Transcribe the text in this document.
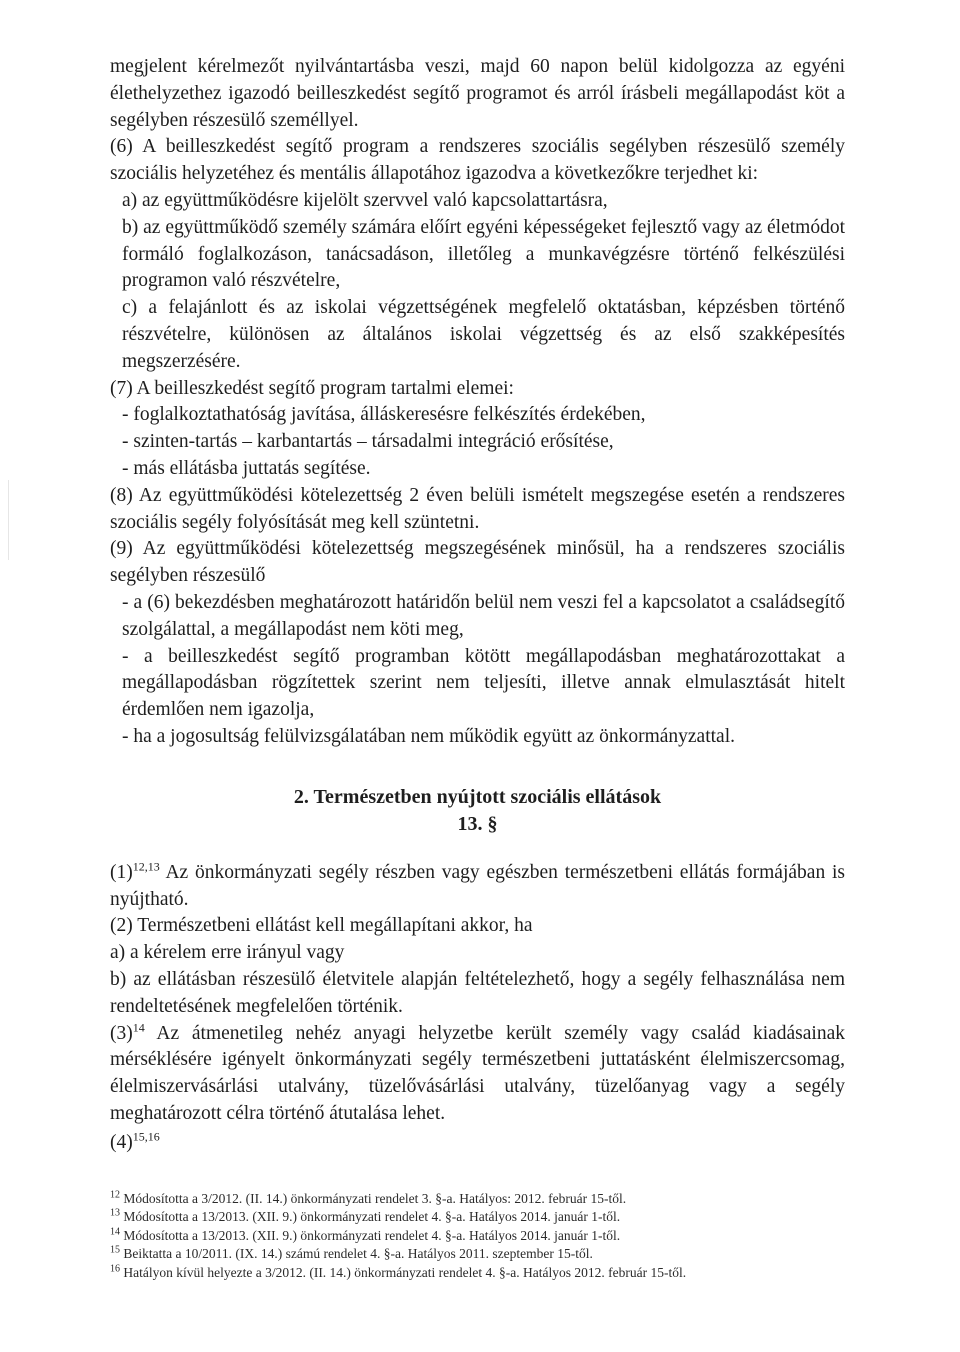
megjelent kérelmezőt nyilvántartásba veszi, majd 60 napon belül kidolgozza az egyéni élethelyzethez igazodó beilleszkedést segítő programot és arról írásbeli megállapodást köt a segélyben részesülő személlyel.

(6) A beilleszkedést segítő program a rendszeres szociális segélyben részesülő személy szociális helyzetéhez és mentális állapotához igazodva a következőkre terjedhet ki:

a) az együttműködésre kijelölt szervvel való kapcsolattartásra,

b) az együttműködő személy számára előírt egyéni képességeket fejlesztő vagy az életmódot formáló foglalkozáson, tanácsadáson, illetőleg a munkavégzésre történő felkészülési programon való részvételre,

c) a felajánlott és az iskolai végzettségének megfelelő oktatásban, képzésben történő részvételre, különösen az általános iskolai végzettség és az első szakképesítés megszerzésére.

(7) A beilleszkedést segítő program tartalmi elemei:

- foglalkoztathatóság javítása, álláskeresésre felkészítés érdekében,

- szinten-tartás – karbantartás – társadalmi integráció erősítése,

- más ellátásba juttatás segítése.

(8) Az együttműködési kötelezettség 2 éven belüli ismételt megszegése esetén a rendszeres szociális segély folyósítását meg kell szüntetni.

(9) Az együttműködési kötelezettség megszegésének minősül, ha a rendszeres szociális segélyben részesülő

- a (6) bekezdésben meghatározott határidőn belül nem veszi fel a kapcsolatot a családsegítő szolgálattal, a megállapodást nem köti meg,

- a beilleszkedést segítő programban kötött megállapodásban meghatározottakat a megállapodásban rögzítettek szerint nem teljesíti, illetve annak elmulasztását hitelt érdemlően nem igazolja,

- ha a jogosultság felülvizsgálatában nem működik együtt az önkormányzattal.

2. Természetben nyújtott szociális ellátások

13. §

$(1)^{12,13}$ Az önkormányzati segély részben vagy egészben természetbeni ellátás formájában is nyújtható.

(2) Természetbeni ellátást kell megállapítani akkor, ha

a) a kérelem erre irányul vagy

b) az ellátásban részesülő életvitele alapján feltételezhető, hogy a segély felhasználása nem rendeltetésének megfelelően történik.

$(3)^{14}$ Az átmenetileg nehéz anyagi helyzetbe került személy vagy család kiadásainak mérséklésére igényelt önkormányzati segély természetbeni juttatásként élelmiszercsomag, élelmiszervásárlási utalvány, tüzelővásárlási utalvány, tüzelőanyag vagy a segély meghatározott célra történő átutalása lehet.

$(4)^{15,16}$

$^{12}$ Módosította a 3/2012. (II. 14.) önkormányzati rendelet 3. §-a. Hatályos: 2012. február 15-től.

$^{13}$ Módosította a 13/2013. (XII. 9.) önkormányzati rendelet 4. §-a. Hatályos 2014. január 1-től.

$^{14}$ Módosította a 13/2013. (XII. 9.) önkormányzati rendelet 4. §-a. Hatályos 2014. január 1-től.

$^{15}$ Beiktatta a 10/2011. (IX. 14.) számú rendelet 4. §-a. Hatályos 2011. szeptember 15-től.

$^{16}$ Hatályon kívül helyezte a 3/2012. (II. 14.) önkormányzati rendelet 4. §-a. Hatályos 2012. február 15-től.
